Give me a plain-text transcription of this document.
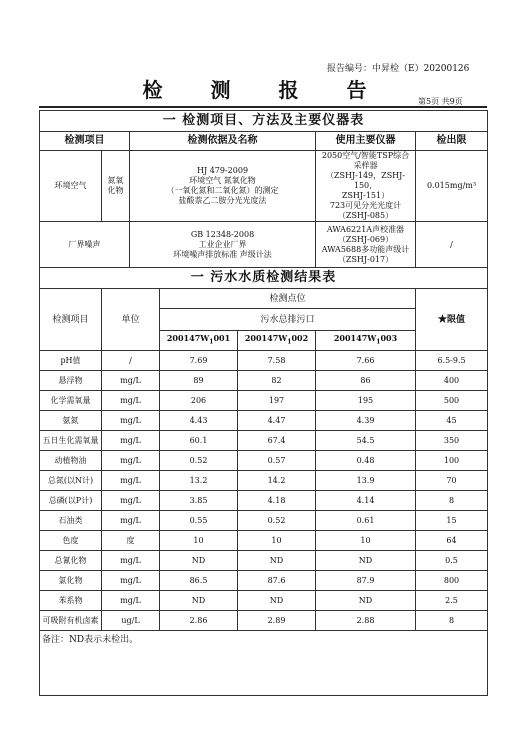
报告编号：中昇检（E）20200126
检　测　报　告	第5页 共9页
一 检测项目、方法及主要仪器表						
检测项目		检测依据及名称			使用主要仪器	检出限
环境空气	氮氧化物	HJ 479-2009
环境空气 氮氧化物
（一氧化氮和二氧化氮）的测定
盐酸萘乙二胺分光光度法			2050空气/智能TSP综合采样器
（ZSHJ-149，ZSHJ-150，
ZSHJ-151）
723可见分光光度计
（ZSHJ-085）	0.015mg/m³
厂界噪声		GB 12348-2008
工业企业厂界
环境噪声排放标准 声级计法			AWA6221A声校准器
（ZSHJ-069）
AWA5688多功能声级计
（ZSHJ-017）	/
一 污水水质检测结果表						
检测项目	单位		检测点位			★限值
			污水总排污口			
			$200147W_1001$	$200147W_1002$	$200147W_1003$	
pH值	/		7.69	7.58	7.66	6.5-9.5
悬浮物	mg/L		89	82	86	400
化学需氧量	mg/L		206	197	195	500
氨氮	mg/L		4.43	4.47	4.39	45
五日生化需氧量	mg/L		60.1	67.4	54.5	350
动植物油	mg/L		0.52	0.57	0.48	100
总氮(以N计)	mg/L		13.2	14.2	13.9	70
总磷(以P计)	mg/L		3.85	4.18	4.14	8
石油类	mg/L		0.55	0.52	0.61	15
色度	度		10	10	10	64
总氰化物	mg/L		ND	ND	ND	0.5
氯化物	mg/L		86.5	87.6	87.9	800
苯系物	mg/L		ND	ND	ND	2.5
可吸附有机卤素	ug/L		2.86	2.89	2.88	8
备注：ND表示未检出。						
